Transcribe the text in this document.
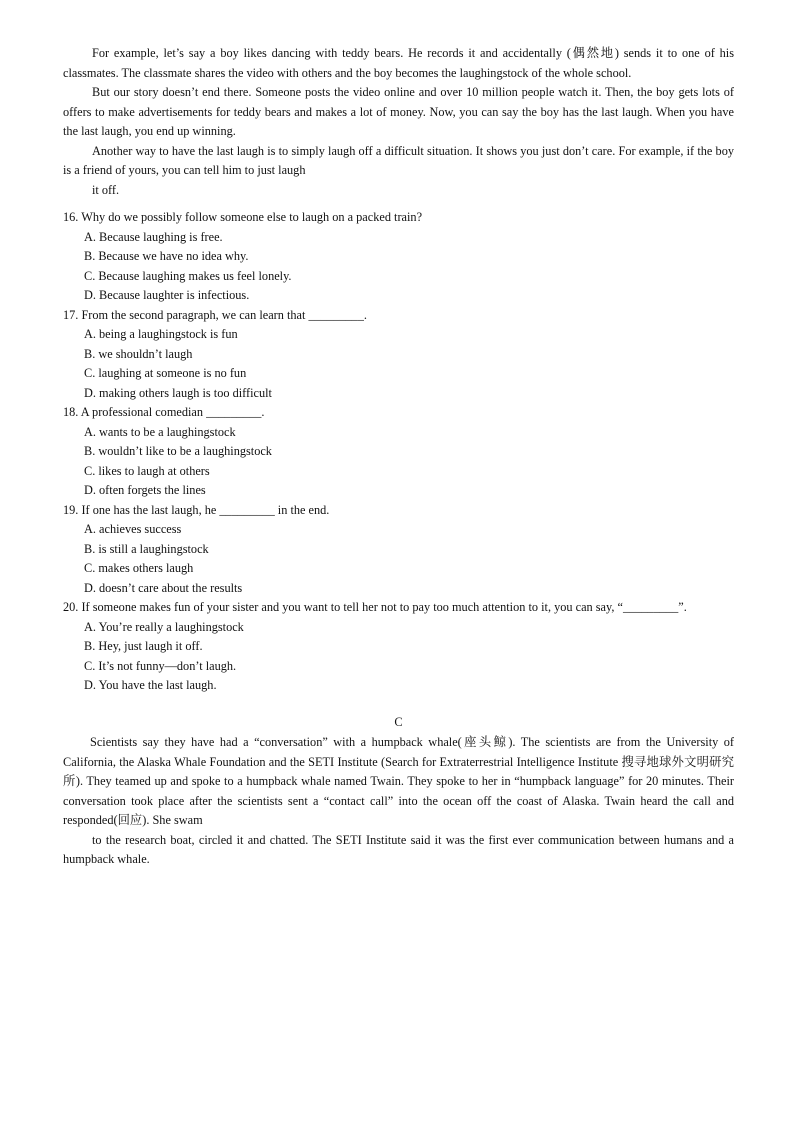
For example, let’s say a boy likes dancing with teddy bears. He records it and accidentally (偶然地) sends it to one of his classmates. The classmate shares the video with others and the boy becomes the laughingstock of the whole school.

But our story doesn’t end there. Someone posts the video online and over 10 million people watch it. Then, the boy gets lots of offers to make advertisements for teddy bears and makes a lot of money. Now, you can say the boy has the last laugh. When you have the last laugh, you end up winning.

Another way to have the last laugh is to simply laugh off a difficult situation. It shows you just don’t care. For example, if the boy is a friend of yours, you can tell him to just laugh

it off.

16. Why do we possibly follow someone else to laugh on a packed train?

A. Because laughing is free.

B. Because we have no idea why.

C. Because laughing makes us feel lonely.

D. Because laughter is infectious.

17. From the second paragraph, we can learn that _________.

A. being a laughingstock is fun

B. we shouldn’t laugh

C. laughing at someone is no fun

D. making others laugh is too difficult

18. A professional comedian _________.

A. wants to be a laughingstock

B. wouldn’t like to be a laughingstock

C. likes to laugh at others

D. often forgets the lines

19. If one has the last laugh, he _________ in the end.

A. achieves success

B. is still a laughingstock

C. makes others laugh

D. doesn’t care about the results

20. If someone makes fun of your sister and you want to tell her not to pay too much attention to it, you can say, “_________”.

A. You’re really a laughingstock

B. Hey, just laugh it off.

C. It’s not funny—don’t laugh.

D. You have the last laugh.

C

Scientists say they have had a “conversation” with a humpback whale(座头鲸). The scientists are from the University of California, the Alaska Whale Foundation and the SETI Institute (Search for Extraterrestrial Intelligence Institute 搜寻地球外文明研究所). They teamed up and spoke to a humpback whale named Twain. They spoke to her in “humpback language” for 20 minutes. Their conversation took place after the scientists sent a “contact call” into the ocean off the coast of Alaska. Twain heard the call and responded(回应). She swam

to the research boat, circled it and chatted. The SETI Institute said it was the first ever communication between humans and a humpback whale.
